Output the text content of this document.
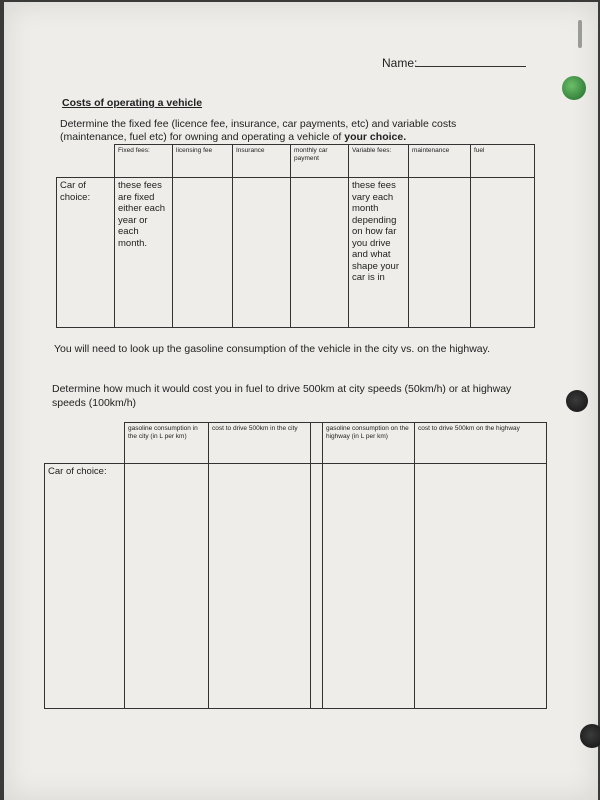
Name:
Costs of operating a vehicle
Determine the fixed fee (licence fee, insurance, car payments, etc) and variable costs (maintenance, fuel etc) for owning and operating a vehicle of your choice.
	Fixed fees:	licensing fee	Insurance	monthly car payment	Variable fees:	maintenance	fuel
Car of choice:	these fees are fixed either each year or each month.				these fees vary each month depending on how far you drive and what shape your car is in		
You will need to look up the gasoline consumption of the vehicle in the city vs. on the highway.
Determine how much it would cost you in fuel to drive 500km at city speeds (50km/h) or at highway speeds (100km/h)
	gasoline consumption in the city (in L per km)	cost to drive 500km in the city		gasoline consumption on the highway (in L per km)	cost to drive 500km on the highway
Car of choice:					
